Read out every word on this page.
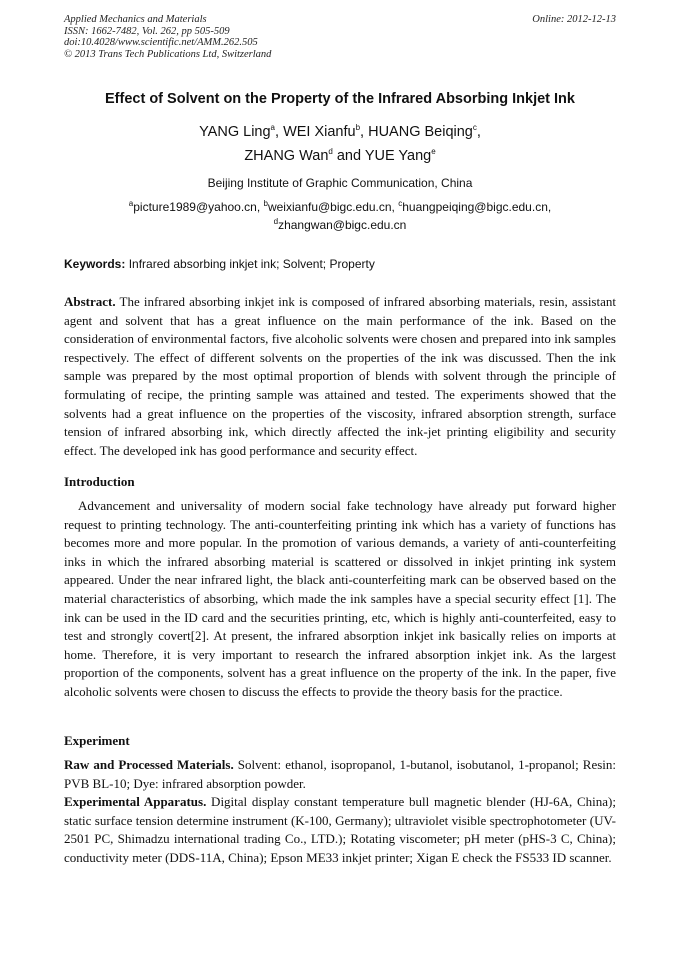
Applied Mechanics and Materials
ISSN: 1662-7482, Vol. 262, pp 505-509
doi:10.4028/www.scientific.net/AMM.262.505
© 2013 Trans Tech Publications Ltd, Switzerland
Online: 2012-12-13
Effect of Solvent on the Property of the Infrared Absorbing Inkjet Ink
YANG Ling$^a$, WEI Xianfu$^b$, HUANG Beiqing$^c$,
ZHANG Wan$^d$ and YUE Yang$^e$
Beijing Institute of Graphic Communication, China
$^a$picture1989@yahoo.cn, $^b$weixianfu@bigc.edu.cn, $^c$huangpeiqing@bigc.edu.cn,
$^d$zhangwan@bigc.edu.cn
Keywords: Infrared absorbing inkjet ink; Solvent; Property
Abstract. The infrared absorbing inkjet ink is composed of infrared absorbing materials, resin, assistant agent and solvent that has a great influence on the main performance of the ink. Based on the consideration of environmental factors, five alcoholic solvents were chosen and prepared into ink samples respectively. The effect of different solvents on the properties of the ink was discussed. Then the ink sample was prepared by the most optimal proportion of blends with solvent through the principle of formulating of recipe, the printing sample was attained and tested. The experiments showed that the solvents had a great influence on the properties of the viscosity, infrared absorption strength, surface tension of infrared absorbing ink, which directly affected the ink-jet printing eligibility and security effect. The developed ink has good performance and security effect.
Introduction
Advancement and universality of modern social fake technology have already put forward higher request to printing technology. The anti-counterfeiting printing ink which has a variety of functions has becomes more and more popular. In the promotion of various demands, a variety of anti-counterfeiting inks in which the infrared absorbing material is scattered or dissolved in inkjet printing ink system appeared. Under the near infrared light, the black anti-counterfeiting mark can be observed based on the material characteristics of absorbing, which made the ink samples have a special security effect [1]. The ink can be used in the ID card and the securities printing, etc, which is highly anti-counterfeited, easy to test and strongly covert[2]. At present, the infrared absorption inkjet ink basically relies on imports at home. Therefore, it is very important to research the infrared absorption inkjet ink. As the largest proportion of the components, solvent has a great influence on the property of the ink. In the paper, five alcoholic solvents were chosen to discuss the effects to provide the theory basis for the practice.
Experiment

Raw and Processed Materials. Solvent: ethanol, isopropanol, 1-butanol, isobutanol, 1-propanol; Resin: PVB BL-10; Dye: infrared absorption powder.

Experimental Apparatus. Digital display constant temperature bull magnetic blender (HJ-6A, China); static surface tension determine instrument (K-100, Germany); ultraviolet visible spectrophotometer (UV-2501 PC, Shimadzu international trading Co., LTD.); Rotating viscometer; pH meter (pHS-3 C, China); conductivity meter (DDS-11A, China); Epson ME33 inkjet printer; Xigan E check the FS533 ID scanner.
